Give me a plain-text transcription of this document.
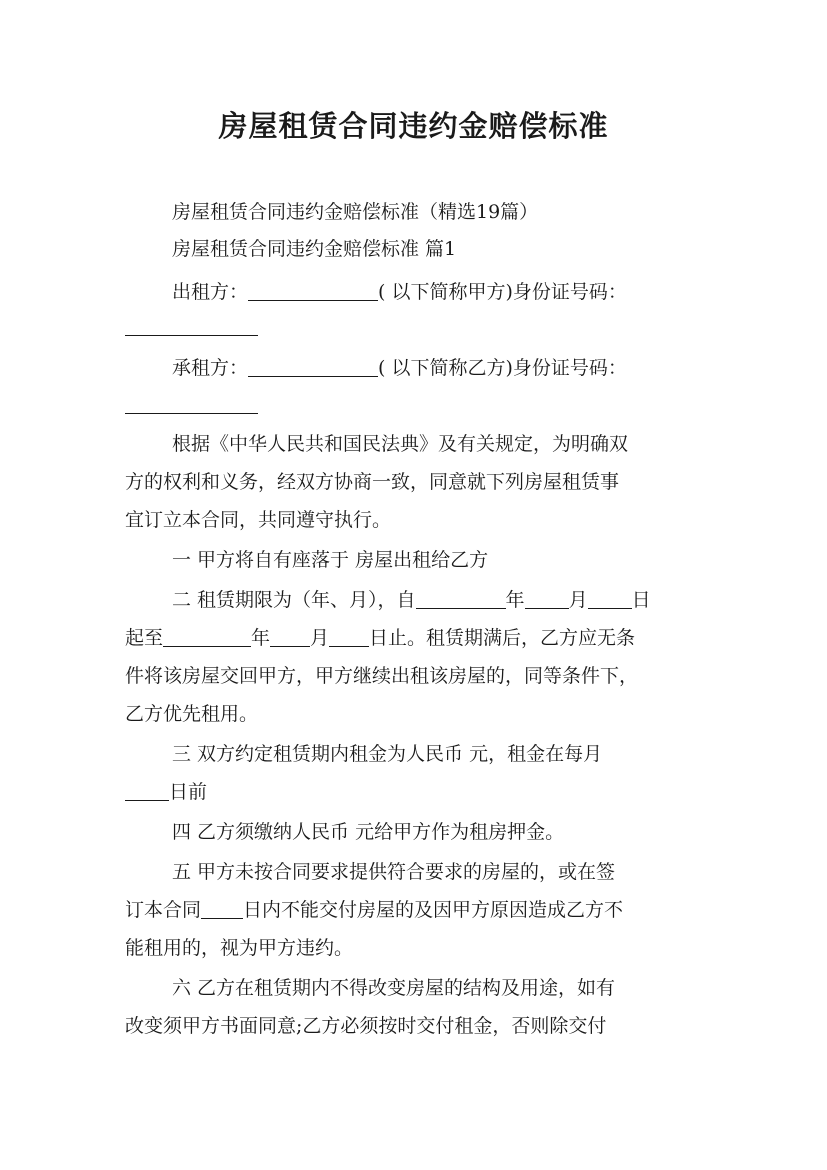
房屋租赁合同违约金赔偿标准
房屋租赁合同违约金赔偿标准（精选19篇）
房屋租赁合同违约金赔偿标准 篇1
出租方：	( 以下简称甲方)身份证号码：
承租方：	( 以下简称乙方)身份证号码：
根据《中华人民共和国民法典》及有关规定，为明确双
方的权利和义务，经双方协商一致，同意就下列房屋租赁事
宜订立本合同，共同遵守执行。
一 甲方将自有座落于 房屋出租给乙方
二 租赁期限为（年、月），自	年 月 日
起至	年 月 日止。租赁期满后，乙方应无条
件将该房屋交回甲方，甲方继续出租该房屋的，同等条件下，
乙方优先租用。
三 双方约定租赁期内租金为人民币 元，租金在每月
日前
四 乙方须缴纳人民币 元给甲方作为租房押金。
五 甲方未按合同要求提供符合要求的房屋的，或在签
订本合同 日内不能交付房屋的及因甲方原因造成乙方不
能租用的，视为甲方违约。
六 乙方在租赁期内不得改变房屋的结构及用途，如有
改变须甲方书面同意;乙方必须按时交付租金，否则除交付
